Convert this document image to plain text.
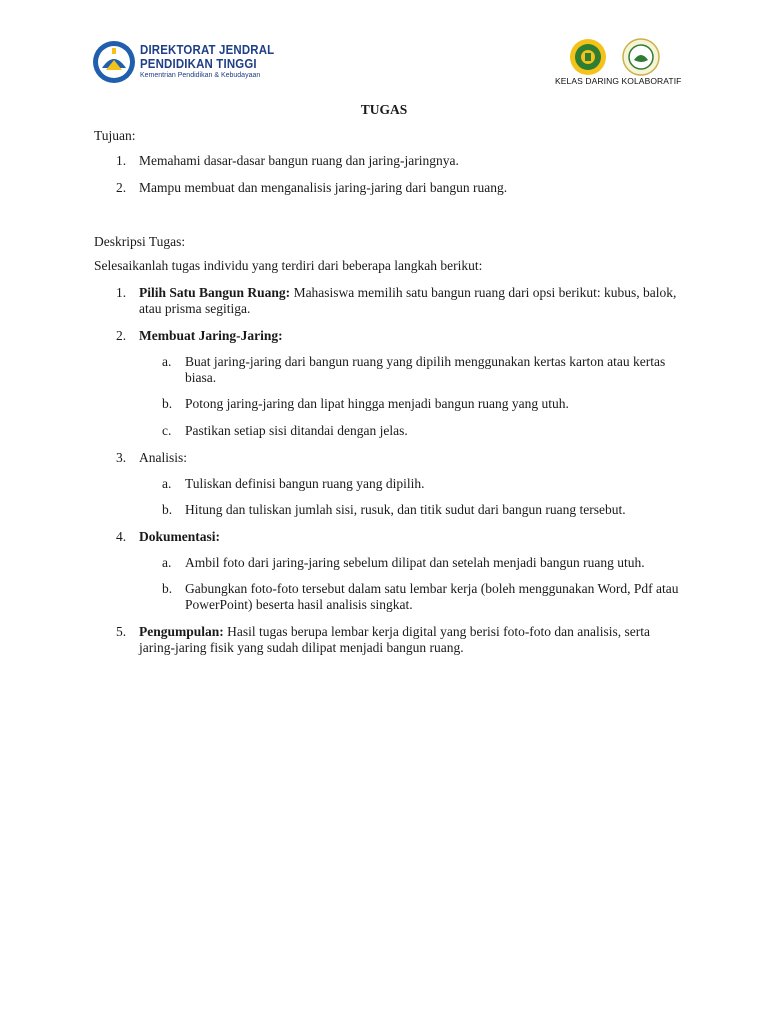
DIREKTORAT JENDRAL
PENDIDIKAN TINGGI
Kementrian Pendidikan & Kebudayaan
KELAS DARING KOLABORATIF
TUGAS
Tujuan:
1. Memahami dasar-dasar bangun ruang dan jaring-jaringnya.
2. Mampu membuat dan menganalisis jaring-jaring dari bangun ruang.
Deskripsi Tugas:
Selesaikanlah tugas individu yang terdiri dari beberapa langkah berikut:
1. Pilih Satu Bangun Ruang: Mahasiswa memilih satu bangun ruang dari opsi berikut: kubus, balok, atau prisma segitiga.
2. Membuat Jaring-Jaring:
a. Buat jaring-jaring dari bangun ruang yang dipilih menggunakan kertas karton atau kertas biasa.
b. Potong jaring-jaring dan lipat hingga menjadi bangun ruang yang utuh.
c. Pastikan setiap sisi ditandai dengan jelas.
3. Analisis:
a. Tuliskan definisi bangun ruang yang dipilih.
b. Hitung dan tuliskan jumlah sisi, rusuk, dan titik sudut dari bangun ruang tersebut.
4. Dokumentasi:
a. Ambil foto dari jaring-jaring sebelum dilipat dan setelah menjadi bangun ruang utuh.
b. Gabungkan foto-foto tersebut dalam satu lembar kerja (boleh menggunakan Word, Pdf atau PowerPoint) beserta hasil analisis singkat.
5. Pengumpulan: Hasil tugas berupa lembar kerja digital yang berisi foto-foto dan analisis, serta jaring-jaring fisik yang sudah dilipat menjadi bangun ruang.
